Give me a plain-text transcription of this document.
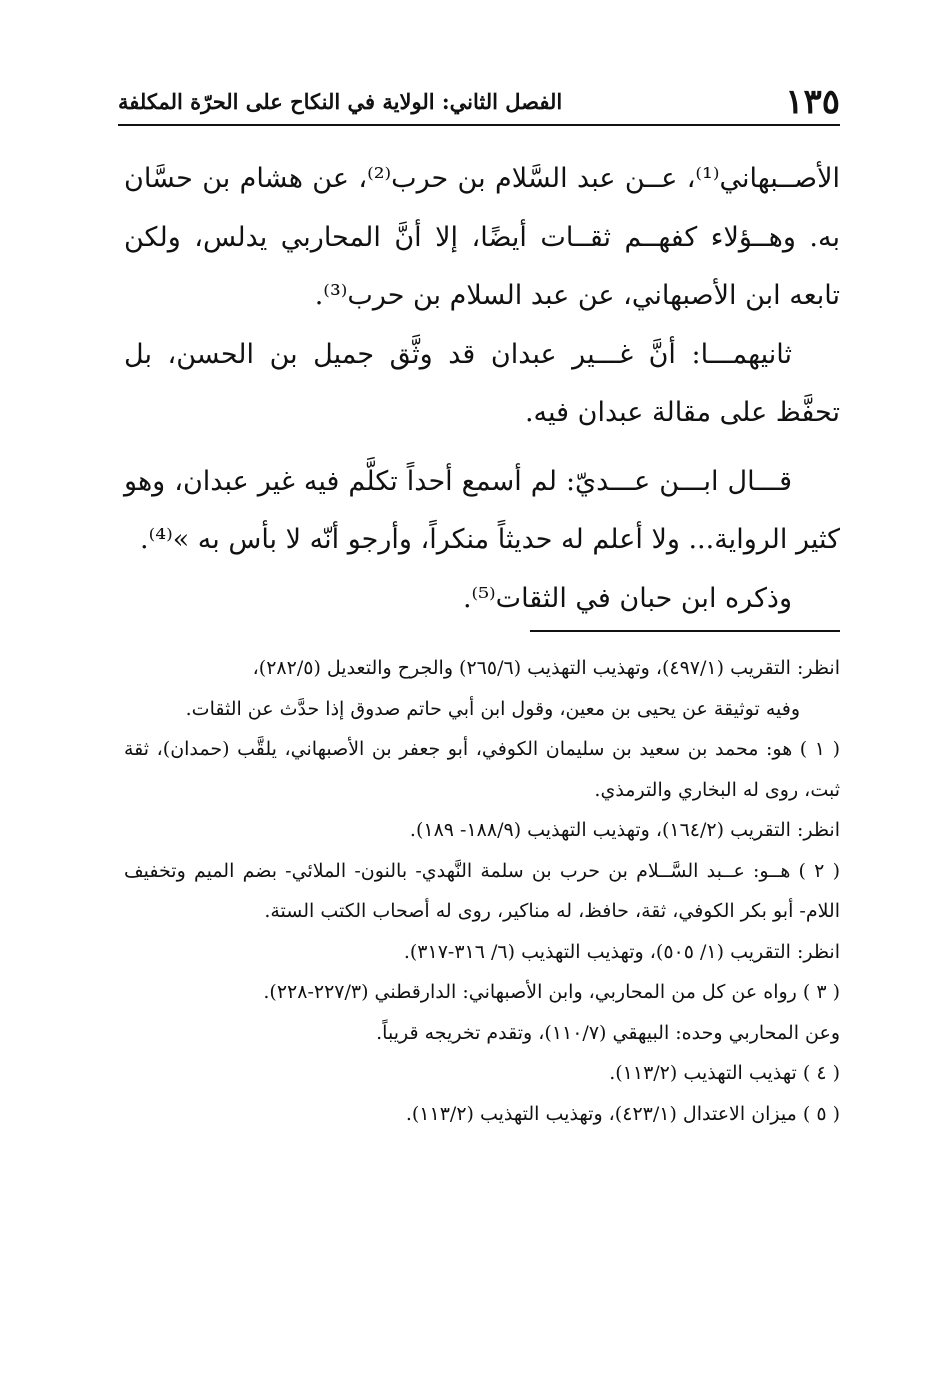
١٣٥
الفصل الثاني: الولاية في النكاح على الحرّة المكلفة

الأصــبهاني⁽¹⁾، عــن عبد السَّلام بن حرب⁽²⁾، عن هشام بن حسَّان به. وهــؤلاء كفهــم ثقــات أيضًا، إلا أنَّ المحاربي يدلس، ولكن تابعه ابن الأصبهاني، عن عبد السلام بن حرب⁽³⁾.

ثانيهمـــا: أنَّ غـــير عبدان قد وثَّق جميل بن الحسن، بل تحفَّظ على مقالة عبدان فيه.

قـــال ابـــن عـــديّ: لم أسمع أحداً تكلَّم فيه غير عبدان، وهو كثير الرواية... ولا أعلم له حديثاً منكراً، وأرجو أنّه لا بأس به »⁽⁴⁾.

وذكره ابن حبان في الثقات⁽⁵⁾.

انظر: التقريب (٤٩٧/١)، وتهذيب التهذيب (٢٦٥/٦) والجرح والتعديل (٢٨٢/٥)،

وفيه توثيقة عن يحيى بن معين، وقول ابن أبي حاتم صدوق إذا حدَّث عن الثقات.

( ١ ) هو: محمد بن سعيد بن سليمان الكوفي، أبو جعفر بن الأصبهاني، يلقَّب (حمدان)، ثقة ثبت، روى له البخاري والترمذي.

انظر: التقريب (١٦٤/٢)، وتهذيب التهذيب (١٨٨/٩- ١٨٩).

( ٢ ) هــو: عــبد السَّــلام بن حرب بن سلمة النَّهدي- بالنون- الملائي- بضم الميم وتخفيف اللام- أبو بكر الكوفي، ثقة، حافظ، له مناكير، روى له أصحاب الكتب الستة.

انظر: التقريب (١/ ٥٠٥)، وتهذيب التهذيب (٦/ ٣١٦-٣١٧).

( ٣ ) رواه عن كل من المحاربي، وابن الأصبهاني: الدارقطني (٢٢٧/٣-٢٢٨).

وعن المحاربي وحده: البيهقي (١١٠/٧)، وتقدم تخريجه قريباً.

( ٤ ) تهذيب التهذيب (١١٣/٢).

( ٥ ) ميزان الاعتدال (٤٢٣/١)، وتهذيب التهذيب (١١٣/٢).
